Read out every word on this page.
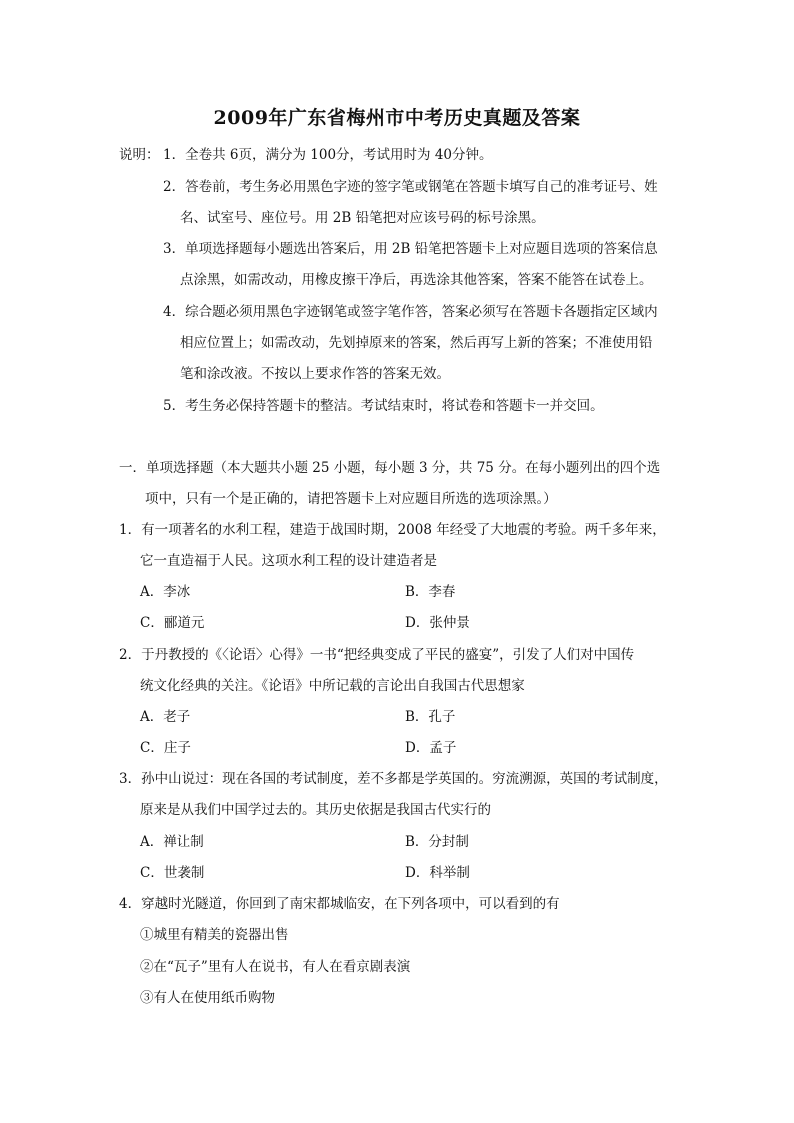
2009年广东省梅州市中考历史真题及答案
说明： 1．全卷共 6页，满分为 100分，考试用时为 40分钟。
2．答卷前，考生务必用黑色字迹的签字笔或钢笔在答题卡填写自己的准考证号、姓
名、试室号、座位号。用 2B 铅笔把对应该号码的标号涂黑。
3．单项选择题每小题选出答案后，用 2B 铅笔把答题卡上对应题目选项的答案信息
点涂黑，如需改动，用橡皮擦干净后，再选涂其他答案，答案不能答在试卷上。
4．综合题必须用黑色字迹钢笔或签字笔作答，答案必须写在答题卡各题指定区域内
相应位置上；如需改动，先划掉原来的答案，然后再写上新的答案；不准使用铅
笔和涂改液。不按以上要求作答的答案无效。
5．考生务必保持答题卡的整洁。考试结束时，将试卷和答题卡一并交回。
一．单项选择题（本大题共小题 25 小题，每小题 3 分，共 75 分。在每小题列出的四个选
项中，只有一个是正确的，请把答题卡上对应题目所选的选项涂黑。）
1．有一项著名的水利工程，建造于战国时期，2008 年经受了大地震的考验。两千多年来，
它一直造福于人民。这项水利工程的设计建造者是
A．李冰	B．李春
C．郦道元	D．张仲景
2．于丹教授的《〈论语〉心得》一书“把经典变成了平民的盛宴”，引发了人们对中国传
统文化经典的关注。《论语》中所记载的言论出自我国古代思想家
A．老子	B．孔子
C．庄子	D．孟子
3．孙中山说过：现在各国的考试制度，差不多都是学英国的。穷流溯源，英国的考试制度，
原来是从我们中国学过去的。其历史依据是我国古代实行的
A．禅让制	B．分封制
C．世袭制	D．科举制
4．穿越时光隧道，你回到了南宋都城临安，在下列各项中，可以看到的有
①城里有精美的瓷器出售
②在“瓦子”里有人在说书，有人在看京剧表演
③有人在使用纸币购物
